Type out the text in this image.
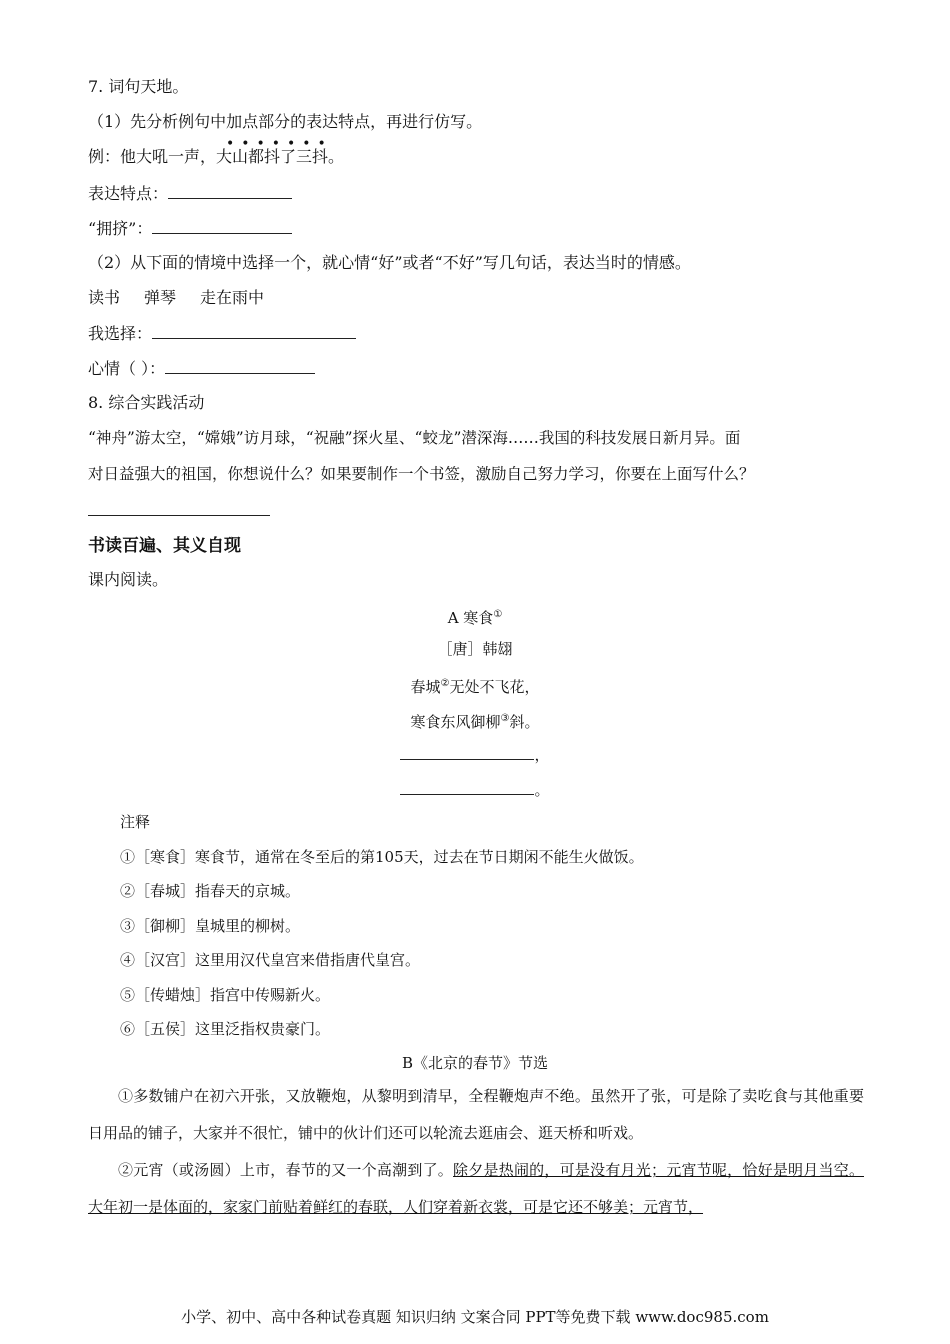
7. 词句天地。
（1）先分析例句中加点部分的表达特点，再进行仿写。
例：他大吼一声，大山都抖了三抖。
•••••••
表达特点：
“拥挤”：
（2）从下面的情境中选择一个，就心情“好”或者“不好”写几句话，表达当时的情感。
读书 弹琴 走在雨中
我选择：
心情（ ）：
8. 综合实践活动
“神舟”游太空，“嫦娥”访月球，“祝融”探火星、“蛟龙”潜深海……我国的科技发展日新月异。面
对日益强大的祖国，你想说什么？如果要制作一个书签，激励自己努力学习，你要在上面写什么？
书读百遍、其义自现
课内阅读。
A 寒食①
［唐］韩翃
春城②无处不飞花，
寒食东风御柳③斜。
，
。
注释
①［寒食］寒食节，通常在冬至后的第105天，过去在节日期闲不能生火做饭。
②［春城］指春天的京城。
③［御柳］皇城里的柳树。
④［汉宫］这里用汉代皇宫来借指唐代皇宫。
⑤［传蜡烛］指宫中传赐新火。
⑥［五侯］这里泛指权贵豪门。
B《北京的春节》节选
①多数铺户在初六开张，又放鞭炮，从黎明到清早，全程鞭炮声不绝。虽然开了张，可是除了卖吃食与其他重要日用品的铺子，大家并不很忙，铺中的伙计们还可以轮流去逛庙会、逛天桥和听戏。
②元宵（或汤圆）上市，春节的又一个高潮到了。除夕是热闹的，可是没有月光；元宵节呢，恰好是明月当空。大年初一是体面的，家家门前贴着鲜红的春联，人们穿着新衣裳，可是它还不够美；元宵节，
小学、初中、高中各种试卷真题 知识归纳 文案合同 PPT等免费下载 www.doc985.com
